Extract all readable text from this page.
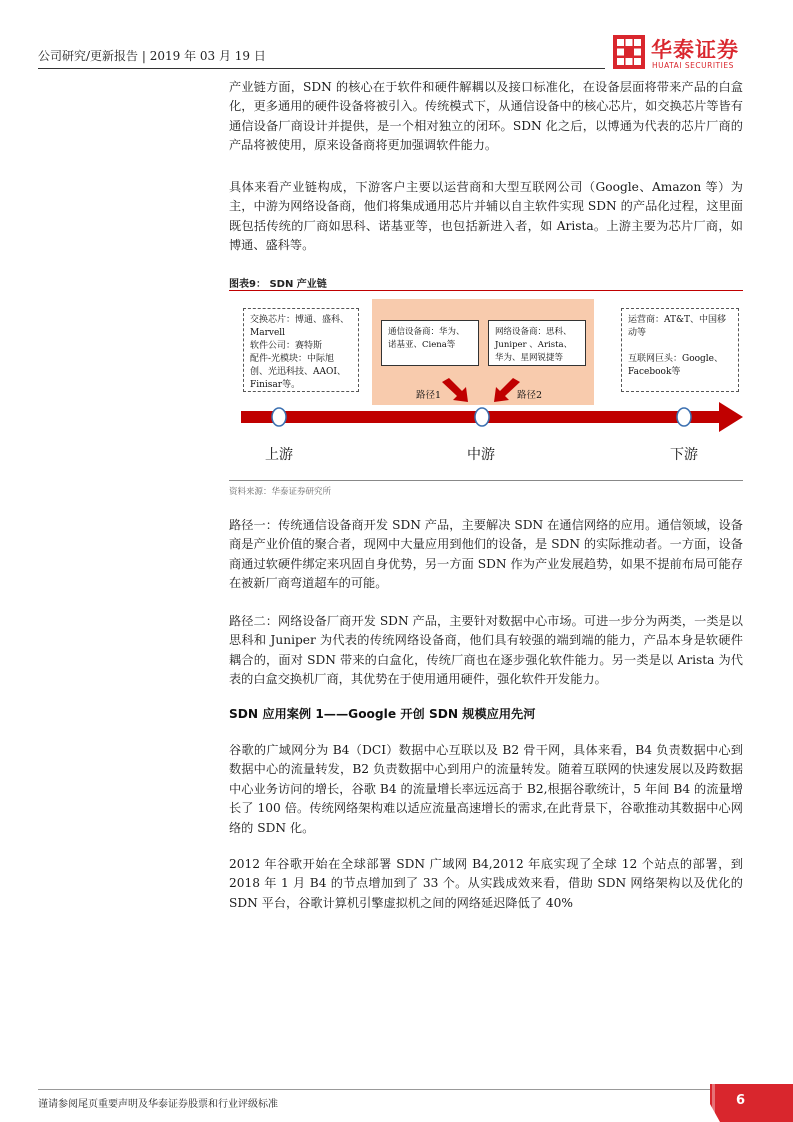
公司研究/更新报告 | 2019 年 03 月 19 日	华泰证券
HUATAI SECURITIES

产业链方面，SDN 的核心在于软件和硬件解耦以及接口标准化，在设备层面将带来产品的白盒化，更多通用的硬件设备将被引入。传统模式下，从通信设备中的核心芯片，如交换芯片等皆有通信设备厂商设计并提供，是一个相对独立的闭环。SDN 化之后，以博通为代表的芯片厂商的产品将被使用，原来设备商将更加强调软件能力。

具体来看产业链构成，下游客户主要以运营商和大型互联网公司（Google、Amazon 等）为主，中游为网络设备商，他们将集成通用芯片并辅以自主软件实现 SDN 的产品化过程，这里面既包括传统的厂商如思科、诺基亚等，也包括新进入者，如 Arista。上游主要为芯片厂商，如博通、盛科等。

图表9： SDN 产业链
交换芯片：博通、盛科、Marvell
软件公司：赛特斯
配件-光模块：中际旭创、光迅科技、AAOI、Finisar等。
通信设备商：华为、诺基亚、Ciena等
网络设备商：思科、Juniper 、Arista、华为、星网锐捷等
运营商：AT&T、中国移动等

互联网巨头：Google、Facebook等
路径1	路径2
上游	中游	下游
资料来源：华泰证券研究所

路径一：传统通信设备商开发 SDN 产品，主要解决 SDN 在通信网络的应用。通信领域，设备商是产业价值的聚合者，现网中大量应用到他们的设备，是 SDN 的实际推动者。一方面，设备商通过软硬件绑定来巩固自身优势，另一方面 SDN 作为产业发展趋势，如果不提前布局可能存在被新厂商弯道超车的可能。

路径二：网络设备厂商开发 SDN 产品，主要针对数据中心市场。可进一步分为两类，一类是以思科和 Juniper 为代表的传统网络设备商，他们具有较强的端到端的能力，产品本身是软硬件耦合的，面对 SDN 带来的白盒化，传统厂商也在逐步强化软件能力。另一类是以 Arista 为代表的白盒交换机厂商，其优势在于使用通用硬件，强化软件开发能力。

SDN 应用案例 1——Google 开创 SDN 规模应用先河

谷歌的广域网分为 B4（DCI）数据中心互联以及 B2 骨干网，具体来看，B4 负责数据中心到数据中心的流量转发，B2 负责数据中心到用户的流量转发。随着互联网的快速发展以及跨数据中心业务访问的增长，谷歌 B4 的流量增长率远远高于 B2,根据谷歌统计，5 年间 B4 的流量增长了 100 倍。传统网络架构难以适应流量高速增长的需求,在此背景下，谷歌推动其数据中心网络的 SDN 化。

2012 年谷歌开始在全球部署 SDN 广域网 B4,2012 年底实现了全球 12 个站点的部署，到 2018 年 1 月 B4 的节点增加到了 33 个。从实践成效来看，借助 SDN 网络架构以及优化的 SDN 平台，谷歌计算机引擎虚拟机之间的网络延迟降低了 40%

谨请参阅尾页重要声明及华泰证券股票和行业评级标准	6
